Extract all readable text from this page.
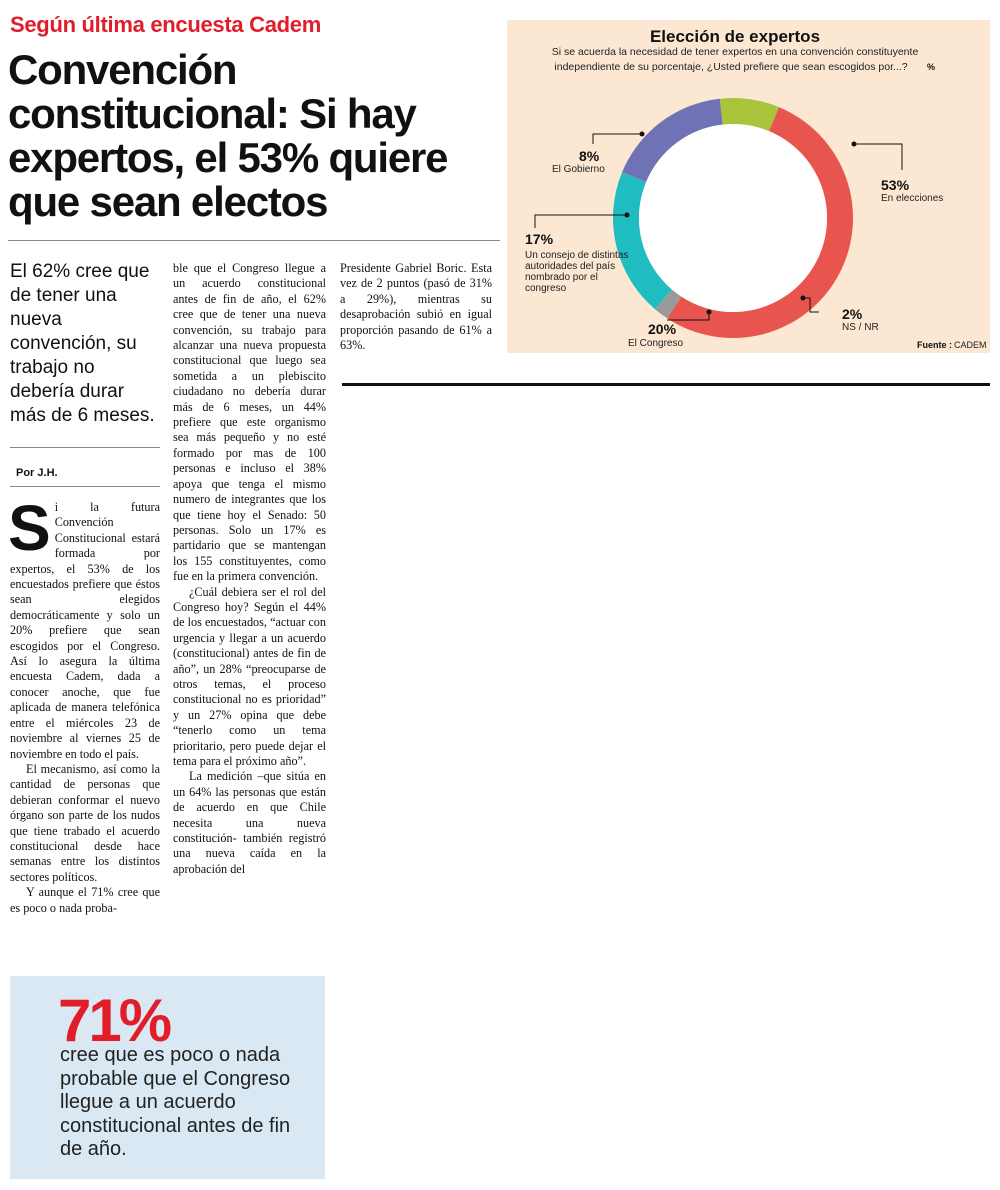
Según última encuesta Cadem
Convención
constitucional: Si hay
expertos, el 53% quiere
que sean electos
El 62% cree que
de tener una
nueva
convención, su
trabajo no
debería durar
más de 6 meses.
Por J.H.

Si la futura Convención Constitucional estará formada por expertos, el 53% de los encuestados prefiere que éstos sean elegidos democráticamente y solo un 20% prefiere que sean escogidos por el Congreso. Así lo asegura la última encuesta Cadem, dada a conocer anoche, que fue aplicada de manera telefónica entre el miércoles 23 de noviembre al viernes 25 de noviembre en todo el país.

El mecanismo, así como la cantidad de personas que debieran conformar el nuevo órgano son parte de los nudos que tiene trabado el acuerdo constitucional desde hace semanas entre los distintos sectores políticos.

Y aunque el 71% cree que es poco o nada proba-

ble que el Congreso llegue a un acuerdo constitucional antes de fin de año, el 62% cree que de tener una nueva convención, su trabajo para alcanzar una nueva propuesta constitucional que luego sea sometida a un plebiscito ciudadano no debería durar más de 6 meses, un 44% prefiere que este organismo sea más pequeño y no esté formado por mas de 100 personas e incluso el 38% apoya que tenga el mismo numero de integrantes que los que tiene hoy el Senado: 50 personas. Solo un 17% es partidario que se mantengan los 155 constituyentes, como fue en la primera convención.

¿Cuál debiera ser el rol del Congreso hoy? Según el 44% de los encuestados, “actuar con urgencia y llegar a un acuerdo (constitucional) antes de fin de año”, un 28% “preocuparse de otros temas, el proceso constitucional no es prioridad” y un 27% opina que debe “tenerlo como un tema prioritario, pero puede dejar el tema para el próximo año”.

La medición –que sitúa en un 64% las personas que están de acuerdo en que Chile necesita una nueva constitución- también registró una nueva caída en la aprobación del

Presidente Gabriel Boric. Esta vez de 2 puntos (pasó de 31% a 29%), mientras su desaprobación subió en igual proporción pasando de 61% a 63%.

71%
cree que es poco o nada probable que el Congreso llegue a un acuerdo constitucional antes de fin de año.
Elección de expertos
Si se acuerda la necesidad de tener expertos en una convención constituyente
independiente de su porcentaje, ¿Usted prefiere que sean escogidos por...? %
53%
En elecciones
2%
NS / NR
20%
El Congreso
17%
Un consejo de distintas
autoridades del país
nombrado por el
congreso
8%
El Gobierno
Fuente : CADEM
